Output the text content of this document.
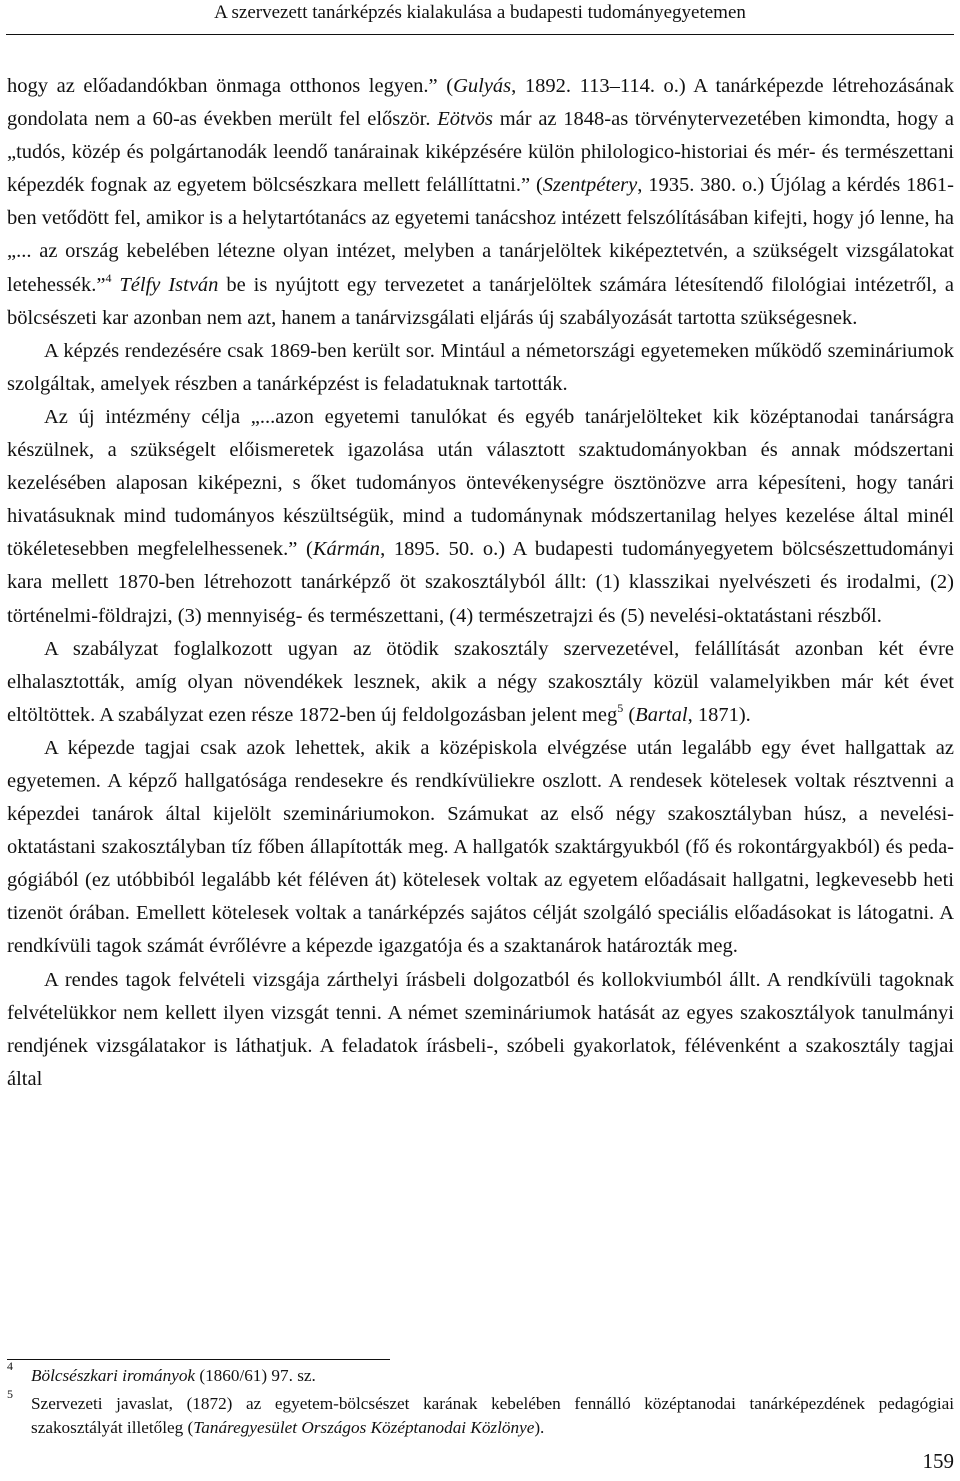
A szervezett tanárképzés kialakulása a budapesti tudományegyetemen

hogy az előadandókban önmaga otthonos legyen.” (Gulyás, 1892. 113–114. o.) A tanárképezde létrehozásának gondolata nem a 60-as években merült fel először. Eötvös már az 1848-as törvénytervezetében kimondta, hogy a „tudós, közép és polgártanodák leendő tanárainak kiképzésére külön philologico-historiai és mér- és természettani képezdék fognak az egyetem bölcsészkara mellett felállíttatni.” (Szentpétery, 1935. 380. o.) Újólag a kérdés 1861-ben vetődött fel, amikor is a helytartótanács az egyetemi tanácshoz intézett felszólításában kifejti, hogy jó lenne, ha „... az ország kebelében létezne olyan intézet, melyben a tanárjelöltek kiképeztetvén, a szükségelt vizsgálatokat letehessék.”$^4$ Télfy István be is nyújtott egy tervezetet a tanárjelöltek számára létesítendő filológiai intézetről, a bölcsészeti kar azonban nem azt, hanem a tanárvizsgálati eljárás új szabályozását tartotta szükségesnek.

A képzés rendezésére csak 1869-ben került sor. Mintául a németországi egyetemeken működő szemináriumok szolgáltak, amelyek részben a tanárképzést is feladatuknak tartották.

Az új intézmény célja „...azon egyetemi tanulókat és egyéb tanárjelölteket kik középtanodai tanárságra készülnek, a szükségelt előismeretek igazolása után választott szaktudományokban és annak módszertani kezelésében alaposan kiképezni, s őket tudományos öntevékenységre ösztönözve arra képesíteni, hogy tanári hivatásuknak mind tudományos készültségük, mind a tudománynak módszertanilag helyes kezelése által minél tökéletesebben megfelelhessenek.” (Kármán, 1895. 50. o.) A budapesti tudományegyetem bölcsészettudományi kara mellett 1870-ben létrehozott tanárképző öt szakosztályból állt: (1) klasszikai nyelvészeti és irodalmi, (2) történelmi-földrajzi, (3) mennyiség- és természettani, (4) természetrajzi és (5) nevelési-oktatástani részből.

A szabályzat foglalkozott ugyan az ötödik szakosztály szervezetével, felállítását azonban két évre elhalasztották, amíg olyan növendékek lesznek, akik a négy szakosztály közül valamelyikben már két évet eltöltöttek. A szabályzat ezen része 1872-ben új feldolgozásban jelent meg$^5$ (Bartal, 1871).

A képezde tagjai csak azok lehettek, akik a középiskola elvégzése után legalább egy évet hallgattak az egyetemen. A képző hallgatósága rendesekre és rendkívüliekre oszlott. A rendesek kötelesek voltak résztvenni a képezdei tanárok által kijelölt szemináriumokon. Számukat az első négy szakosztályban húsz, a nevelési-oktatástani szakosztályban tíz főben állapították meg. A hallgatók szaktárgyukból (fő és rokontárgyakból) és pedagógiából (ez utóbbiból legalább két féléven át) kötelesek voltak az egyetem előadásait hallgatni, legkevesebb heti tizenöt órában. Emellett kötelesek voltak a tanárképzés sajátos célját szolgáló speciális előadásokat is látogatni. A rendkívüli tagok számát évrőlévre a képezde igazgatója és a szaktanárok határozták meg.

A rendes tagok felvételi vizsgája zárthelyi írásbeli dolgozatból és kollokviumból állt. A rendkívüli tagoknak felvételükkor nem kellett ilyen vizsgát tenni. A német szemináriumok hatását az egyes szakosztályok tanulmányi rendjének vizsgálatakor is láthatjuk. A feladatok írásbeli-, szóbeli gyakorlatok, félévenként a szakosztály tagjai által

4 Bölcsészkari irományok (1860/61) 97. sz.
5 Szervezeti javaslat, (1872) az egyetem-bölcsészet karának kebelében fennálló középtanodai tanárképezdének pedagógiai szakosztályát illetőleg (Tanáregyesület Országos Középtanodai Közlönye).
159
